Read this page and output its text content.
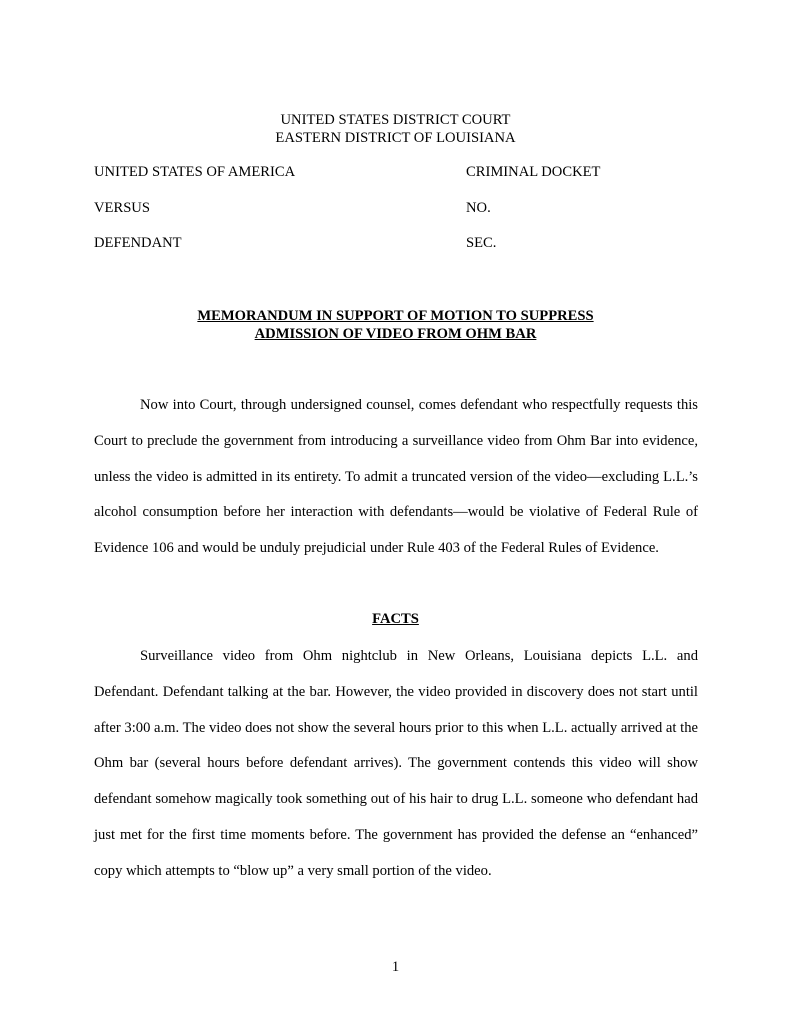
UNITED STATES DISTRICT COURT
EASTERN DISTRICT OF LOUISIANA
UNITED STATES OF AMERICA	CRIMINAL DOCKET
VERSUS	NO.
DEFENDANT	SEC.
MEMORANDUM IN SUPPORT OF MOTION TO SUPPRESS
ADMISSION OF VIDEO FROM OHM BAR

Now into Court, through undersigned counsel, comes defendant who respectfully requests this Court to preclude the government from introducing a surveillance video from Ohm Bar into evidence, unless the video is admitted in its entirety. To admit a truncated version of the video—excluding L.L.’s alcohol consumption before her interaction with defendants—would be violative of Federal Rule of Evidence 106 and would be unduly prejudicial under Rule 403 of the Federal Rules of Evidence.

FACTS

Surveillance video from Ohm nightclub in New Orleans, Louisiana depicts L.L. and Defendant. Defendant talking at the bar. However, the video provided in discovery does not start until after 3:00 a.m. The video does not show the several hours prior to this when L.L. actually arrived at the Ohm bar (several hours before defendant arrives). The government contends this video will show defendant somehow magically took something out of his hair to drug L.L. someone who defendant had just met for the first time moments before. The government has provided the defense an “enhanced” copy which attempts to “blow up” a very small portion of the video.

1
